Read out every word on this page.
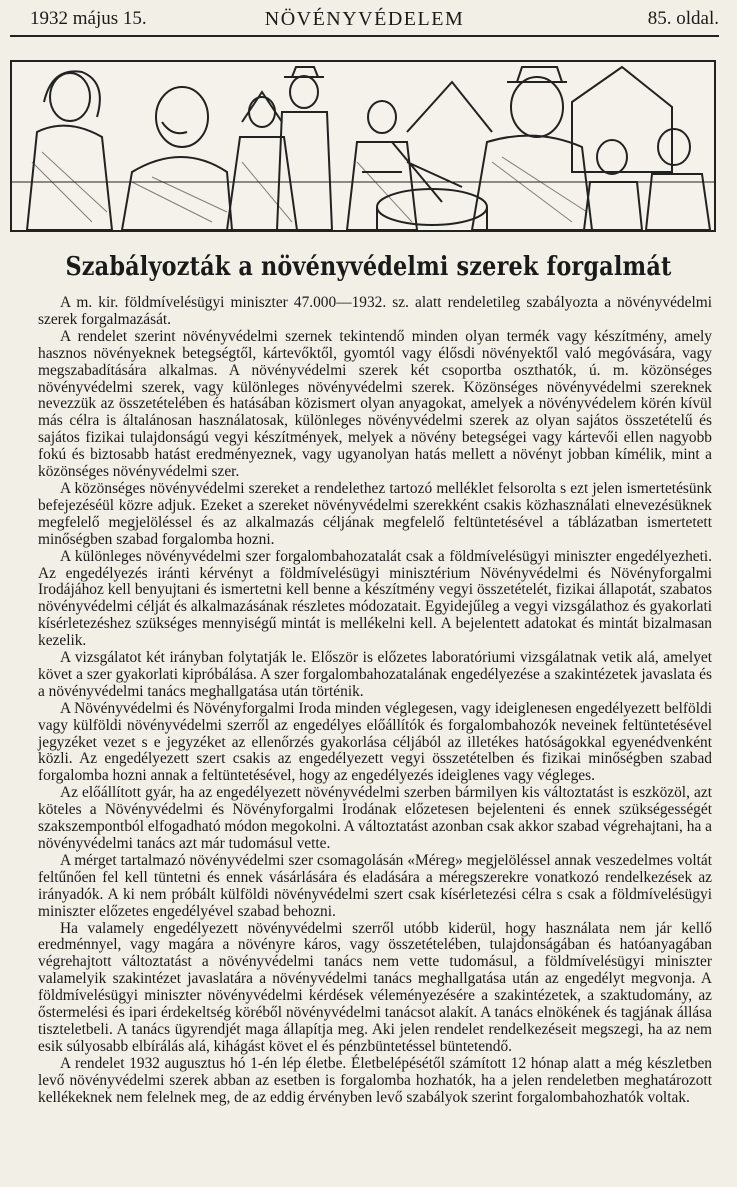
1932 május 15.	NÖVÉNYVÉDELEM	85. oldal.
Szabályozták a növényvédelmi szerek forgalmát

A m. kir. földmívelésügyi miniszter 47.000—1932. sz. alatt rendeletileg szabályozta a növényvédelmi szerek forgalmazását.

A rendelet szerint növényvédelmi szernek tekintendő minden olyan termék vagy készítmény, amely hasznos növényeknek betegségtől, kártevőktől, gyomtól vagy élősdi növényektől való megóvására, vagy megszabadítására alkalmas. A növényvédelmi szerek két csoportba oszthatók, ú. m. közönséges növényvédelmi szerek, vagy különleges növényvédelmi szerek. Közönséges növényvédelmi szereknek nevezzük az összetételében és hatásában közismert olyan anyagokat, amelyek a növényvédelem körén kívül más célra is általánosan használatosak, különleges növényvédelmi szerek az olyan sajátos összetételű és sajátos fizikai tulajdonságú vegyi készítmények, melyek a növény betegségei vagy kártevői ellen nagyobb fokú és biztosabb hatást eredményeznek, vagy ugyanolyan hatás mellett a növényt jobban kímélik, mint a közönséges növényvédelmi szer.

A közönséges növényvédelmi szereket a rendelethez tartozó melléklet felsorolta s ezt jelen ismertetésünk befejezéséül közre adjuk. Ezeket a szereket növényvédelmi szerekként csakis közhasználati elnevezésüknek megfelelő megjelöléssel és az alkalmazás céljának megfelelő feltüntetésével a táblázatban ismertetett minőségben szabad forgalomba hozni.

A különleges növényvédelmi szer forgalombahozatalát csak a földmívelésügyi miniszter engedélyezheti. Az engedélyezés iránti kérvényt a földmívelésügyi minisztérium Növényvédelmi és Növényforgalmi Irodájához kell benyujtani és ismertetni kell benne a készítmény vegyi összetételét, fizikai állapotát, szabatos növényvédelmi célját és alkalmazásának részletes módozatait. Egyidejűleg a vegyi vizsgálathoz és gyakorlati kísérletezéshez szükséges mennyiségű mintát is mellékelni kell. A bejelentett adatokat és mintát bizalmasan kezelik.

A vizsgálatot két irányban folytatják le. Először is előzetes laboratóriumi vizsgálatnak vetik alá, amelyet követ a szer gyakorlati kipróbálása. A szer forgalombahozatalának engedélyezése a szakintézetek javaslata és a növényvédelmi tanács meghallgatása után történik.

A Növényvédelmi és Növényforgalmi Iroda minden véglegesen, vagy ideiglenesen engedélyezett belföldi vagy külföldi növényvédelmi szerről az engedélyes előállítók és forgalombahozók neveinek feltüntetésével jegyzéket vezet s e jegyzéket az ellenőrzés gyakorlása céljából az illetékes hatóságokkal egyenédvenként közli. Az engedélyezett szert csakis az engedélyezett vegyi összetételben és fizikai minőségben szabad forgalomba hozni annak a feltüntetésével, hogy az engedélyezés ideiglenes vagy végleges.

Az előállított gyár, ha az engedélyezett növényvédelmi szerben bármilyen kis változtatást is eszközöl, azt köteles a Növényvédelmi és Növényforgalmi Irodának előzetesen bejelenteni és ennek szükségességét szakszempontból elfogadható módon megokolni. A változtatást azonban csak akkor szabad végrehajtani, ha a növényvédelmi tanács azt már tudomásul vette.

A mérget tartalmazó növényvédelmi szer csomagolásán «Méreg» megjelöléssel annak veszedelmes voltát feltűnően fel kell tüntetni és ennek vásárlására és eladására a méregszerekre vonatkozó rendelkezések az irányadók. A ki nem próbált külföldi növényvédelmi szert csak kísérletezési célra s csak a földmívelésügyi miniszter előzetes engedélyével szabad behozni.

Ha valamely engedélyezett növényvédelmi szerről utóbb kiderül, hogy használata nem jár kellő eredménnyel, vagy magára a növényre káros, vagy összetételében, tulajdonságában és hatóanyagában végrehajtott változtatást a növényvédelmi tanács nem vette tudomásul, a földmívelésügyi miniszter valamelyik szakintézet javaslatára a növényvédelmi tanács meghallgatása után az engedélyt megvonja. A földmívelésügyi miniszter növényvédelmi kérdések véleményezésére a szakintézetek, a szaktudomány, az őstermelési és ipari érdekeltség köréből növényvédelmi tanácsot alakít. A tanács elnökének és tagjának állása tiszteletbeli. A tanács ügyrendjét maga állapítja meg. Aki jelen rendelet rendelkezéseit megszegi, ha az nem esik súlyosabb elbírálás alá, kihágást követ el és pénzbüntetéssel büntetendő.

A rendelet 1932 augusztus hó 1-én lép életbe. Életbelépésétől számított 12 hónap alatt a még készletben levő növényvédelmi szerek abban az esetben is forgalomba hozhatók, ha a jelen rendeletben meghatározott kellékeknek nem felelnek meg, de az eddig érvényben levő szabályok szerint forgalombahozhatók voltak.
